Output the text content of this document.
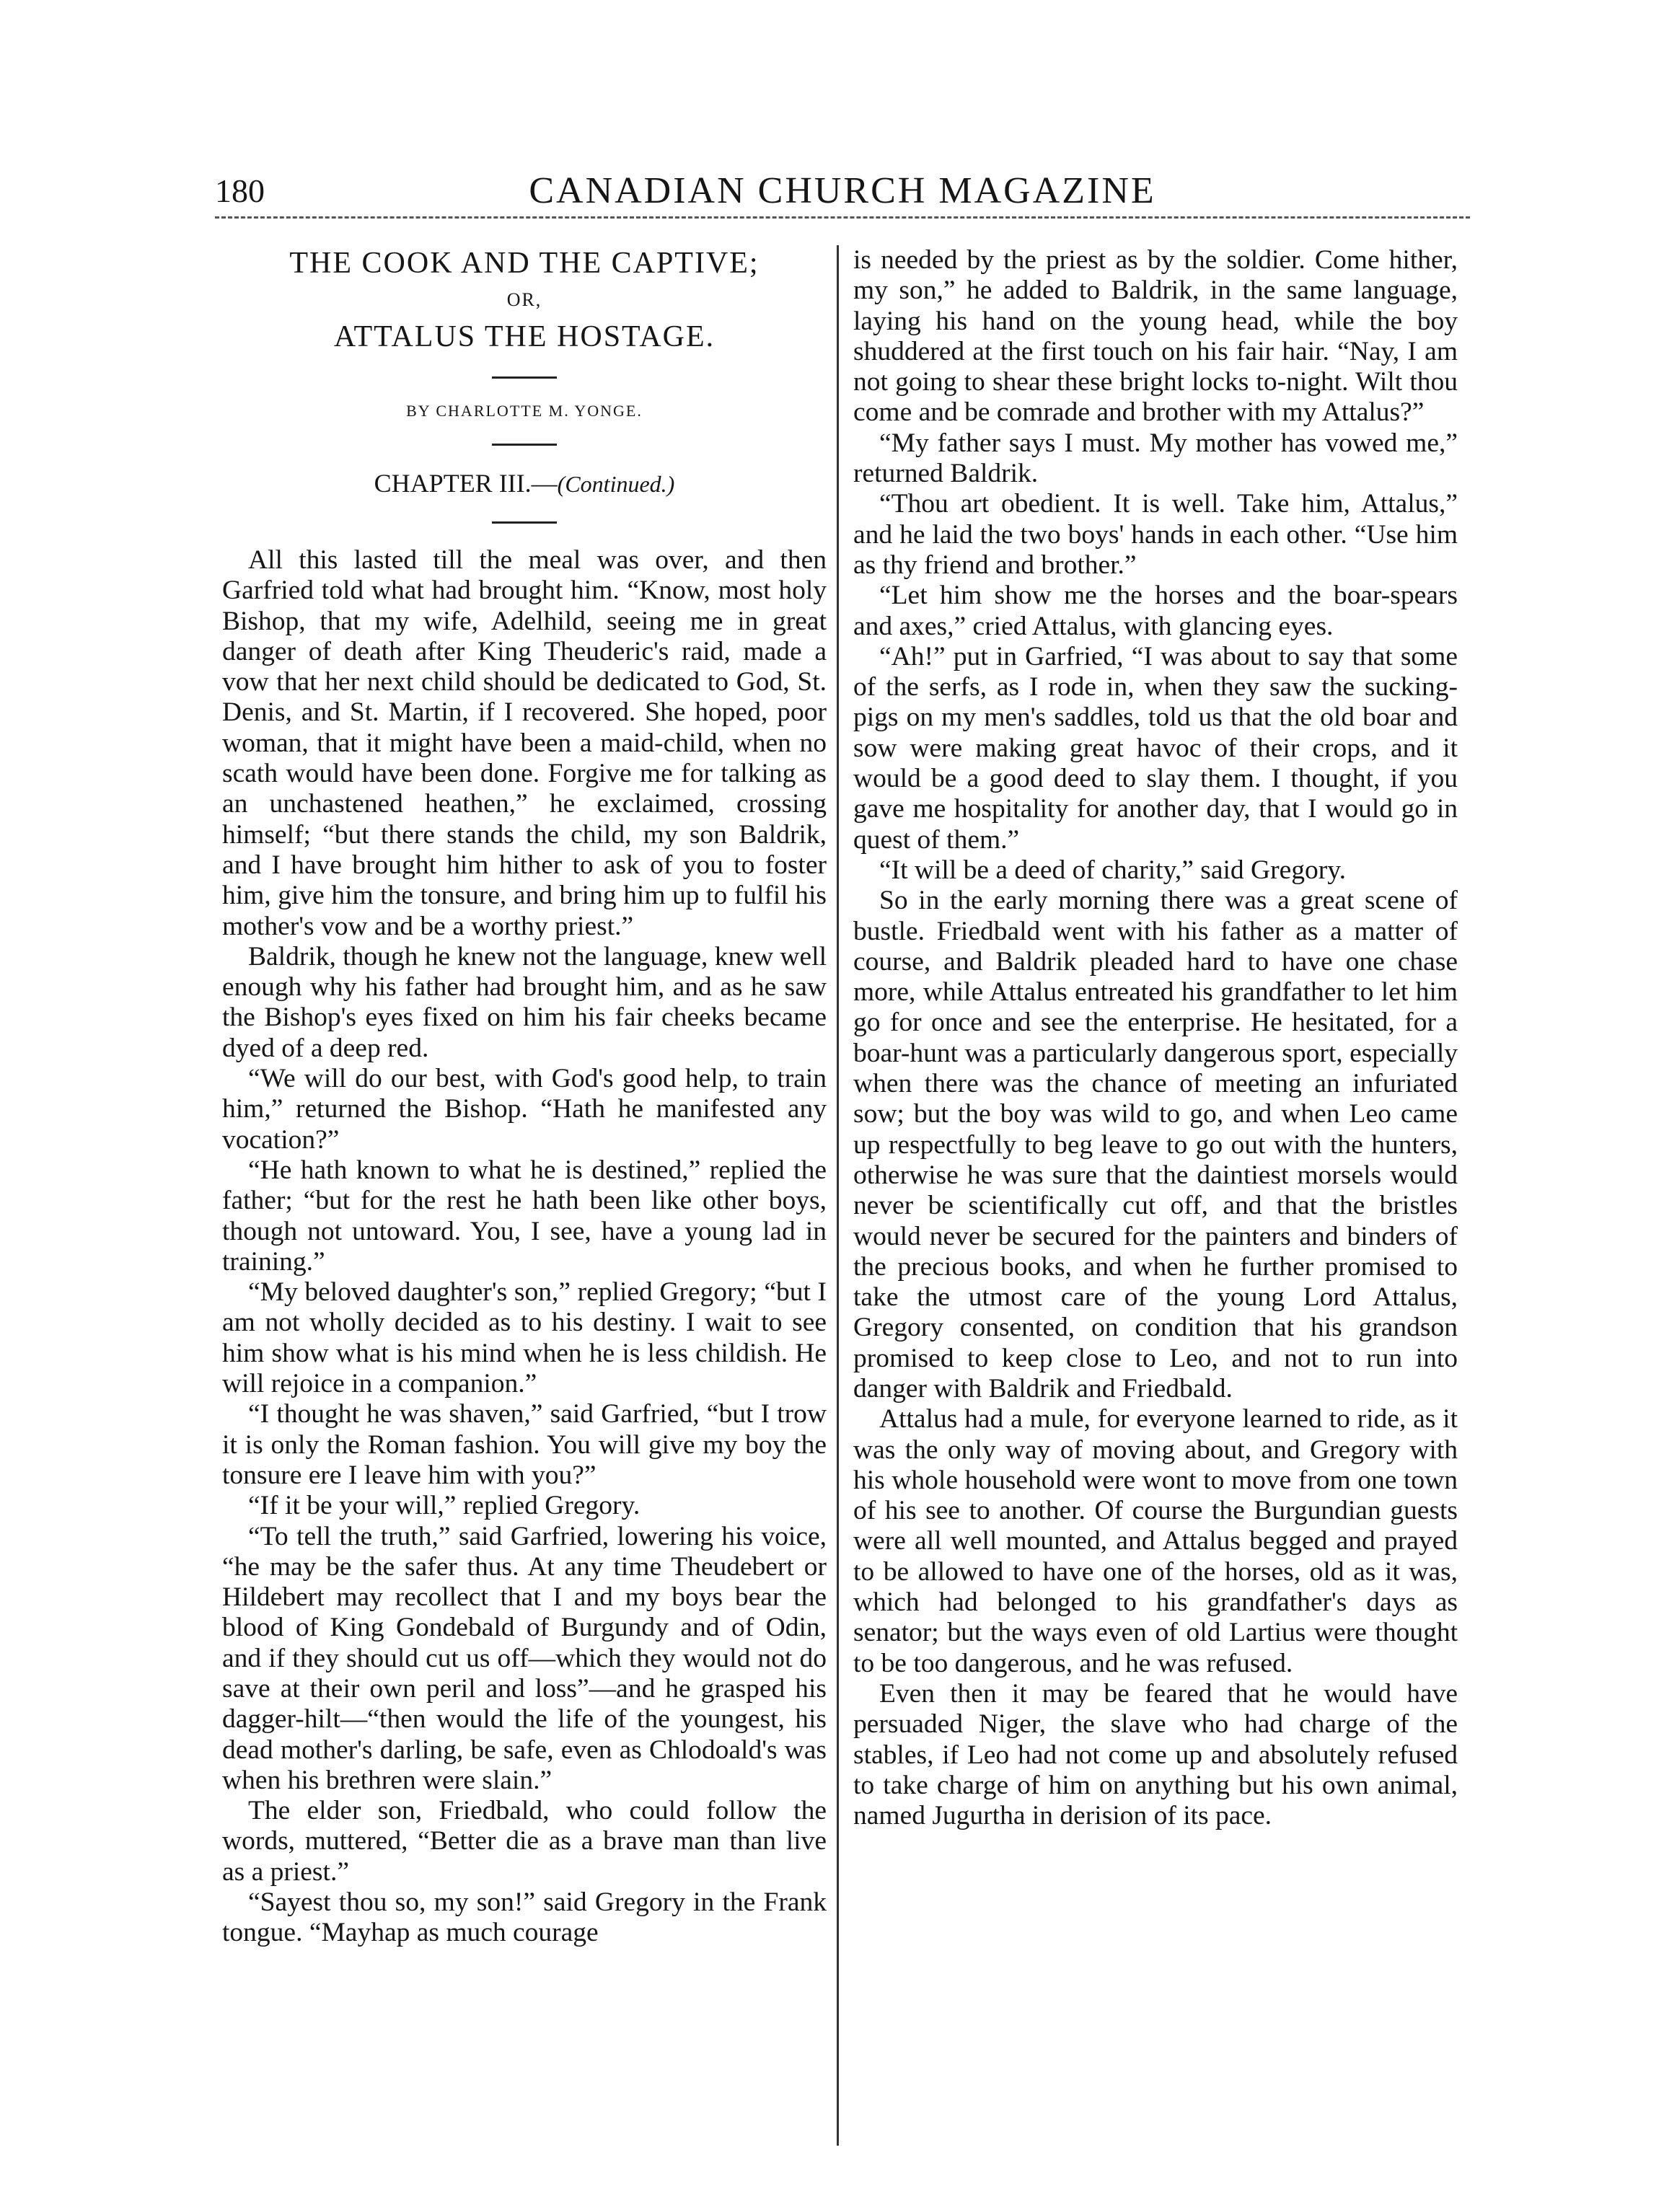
180	CANADIAN CHURCH MAGAZINE
THE COOK AND THE CAPTIVE;
OR,
ATTALUS THE HOSTAGE.
BY CHARLOTTE M. YONGE.
CHAPTER III.—(Continued.)

All this lasted till the meal was over, and then Garfried told what had brought him. “Know, most holy Bishop, that my wife, Adelhild, seeing me in great danger of death after King Theuderic's raid, made a vow that her next child should be dedicated to God, St. Denis, and St. Martin, if I recovered. She hoped, poor woman, that it might have been a maid-child, when no scath would have been done. Forgive me for talking as an unchastened heathen,” he exclaimed, crossing himself; “but there stands the child, my son Baldrik, and I have brought him hither to ask of you to foster him, give him the tonsure, and bring him up to fulfil his mother's vow and be a worthy priest.”

Baldrik, though he knew not the language, knew well enough why his father had brought him, and as he saw the Bishop's eyes fixed on him his fair cheeks became dyed of a deep red.

“We will do our best, with God's good help, to train him,” returned the Bishop. “Hath he manifested any vocation?”

“He hath known to what he is destined,” replied the father; “but for the rest he hath been like other boys, though not untoward. You, I see, have a young lad in training.”

“My beloved daughter's son,” replied Gregory; “but I am not wholly decided as to his destiny. I wait to see him show what is his mind when he is less childish. He will rejoice in a companion.”

“I thought he was shaven,” said Garfried, “but I trow it is only the Roman fashion. You will give my boy the tonsure ere I leave him with you?”

“If it be your will,” replied Gregory.

“To tell the truth,” said Garfried, lowering his voice, “he may be the safer thus. At any time Theudebert or Hildebert may recollect that I and my boys bear the blood of King Gondebald of Burgundy and of Odin, and if they should cut us off—which they would not do save at their own peril and loss”—and he grasped his dagger-hilt—“then would the life of the youngest, his dead mother's darling, be safe, even as Chlodoald's was when his brethren were slain.”

The elder son, Friedbald, who could follow the words, muttered, “Better die as a brave man than live as a priest.”

“Sayest thou so, my son!” said Gregory in the Frank tongue. “Mayhap as much courage

is needed by the priest as by the soldier. Come hither, my son,” he added to Baldrik, in the same language, laying his hand on the young head, while the boy shuddered at the first touch on his fair hair. “Nay, I am not going to shear these bright locks to-night. Wilt thou come and be comrade and brother with my Attalus?”

“My father says I must. My mother has vowed me,” returned Baldrik.

“Thou art obedient. It is well. Take him, Attalus,” and he laid the two boys' hands in each other. “Use him as thy friend and brother.”

“Let him show me the horses and the boar-spears and axes,” cried Attalus, with glancing eyes.

“Ah!” put in Garfried, “I was about to say that some of the serfs, as I rode in, when they saw the sucking-pigs on my men's saddles, told us that the old boar and sow were making great havoc of their crops, and it would be a good deed to slay them. I thought, if you gave me hospitality for another day, that I would go in quest of them.”

“It will be a deed of charity,” said Gregory.

So in the early morning there was a great scene of bustle. Friedbald went with his father as a matter of course, and Baldrik pleaded hard to have one chase more, while Attalus entreated his grandfather to let him go for once and see the enterprise. He hesitated, for a boar-hunt was a particularly dangerous sport, especially when there was the chance of meeting an infuriated sow; but the boy was wild to go, and when Leo came up respectfully to beg leave to go out with the hunters, otherwise he was sure that the daintiest morsels would never be scientifically cut off, and that the bristles would never be secured for the painters and binders of the precious books, and when he further promised to take the utmost care of the young Lord Attalus, Gregory consented, on condition that his grandson promised to keep close to Leo, and not to run into danger with Baldrik and Friedbald.

Attalus had a mule, for everyone learned to ride, as it was the only way of moving about, and Gregory with his whole household were wont to move from one town of his see to another. Of course the Burgundian guests were all well mounted, and Attalus begged and prayed to be allowed to have one of the horses, old as it was, which had belonged to his grandfather's days as senator; but the ways even of old Lartius were thought to be too dangerous, and he was refused.

Even then it may be feared that he would have persuaded Niger, the slave who had charge of the stables, if Leo had not come up and absolutely refused to take charge of him on anything but his own animal, named Jugurtha in derision of its pace.
